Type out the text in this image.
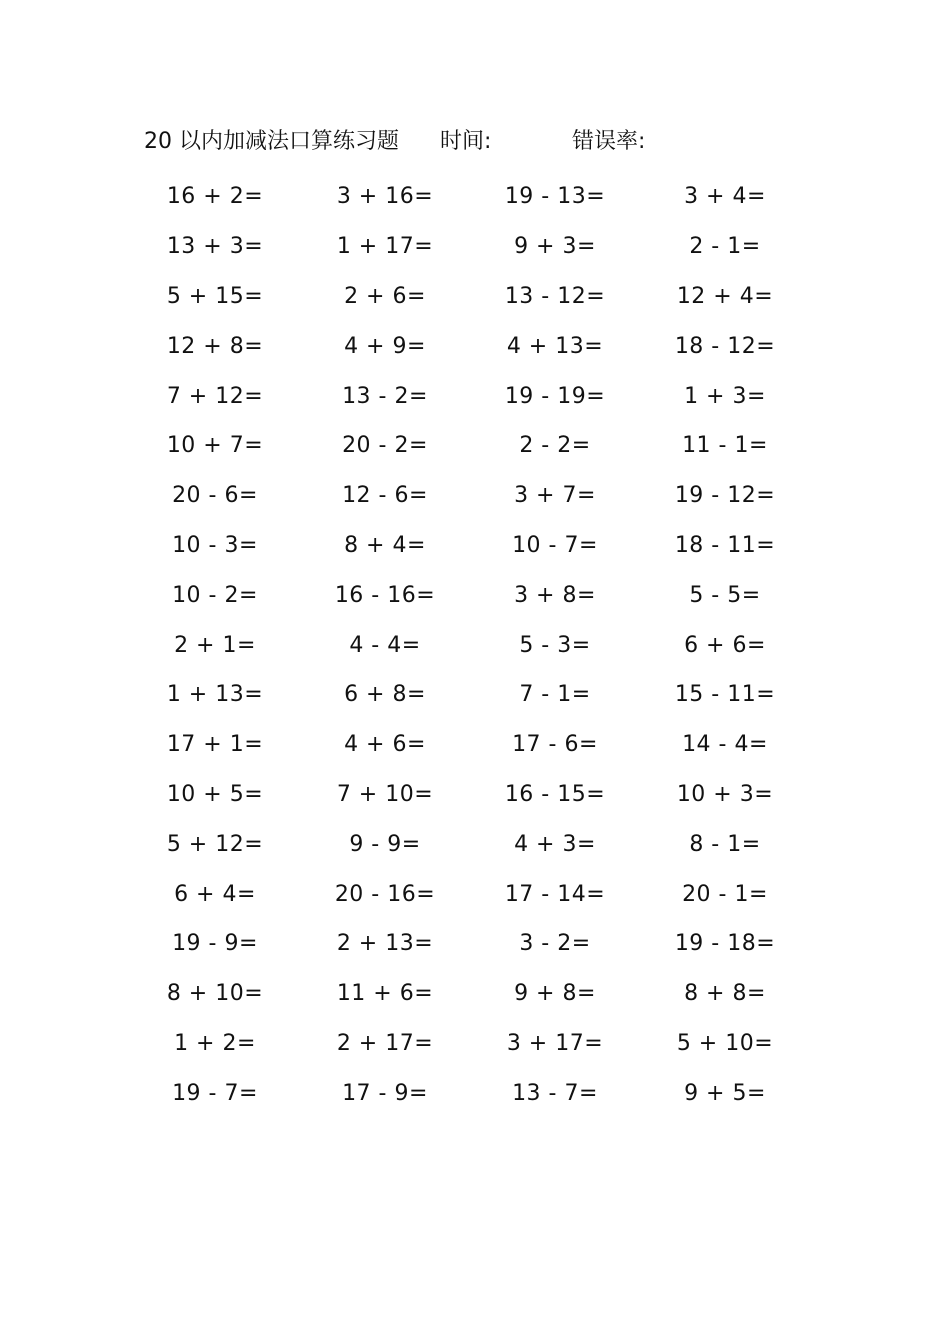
20 以内加减法口算练习题 时间:	错误率:
16 + 2=	3 + 16=	19 - 13=	3 + 4=
13 + 3=	1 + 17=	9 + 3=	2 - 1=
5 + 15=	2 + 6=	13 - 12=	12 + 4=
12 + 8=	4 + 9=	4 + 13=	18 - 12=
7 + 12=	13 - 2=	19 - 19=	1 + 3=
10 + 7=	20 - 2=	2 - 2=	11 - 1=
20 - 6=	12 - 6=	3 + 7=	19 - 12=
10 - 3=	8 + 4=	10 - 7=	18 - 11=
10 - 2=	16 - 16=	3 + 8=	5 - 5=
2 + 1=	4 - 4=	5 - 3=	6 + 6=
1 + 13=	6 + 8=	7 - 1=	15 - 11=
17 + 1=	4 + 6=	17 - 6=	14 - 4=
10 + 5=	7 + 10=	16 - 15=	10 + 3=
5 + 12=	9 - 9=	4 + 3=	8 - 1=
6 + 4=	20 - 16=	17 - 14=	20 - 1=
19 - 9=	2 + 13=	3 - 2=	19 - 18=
8 + 10=	11 + 6=	9 + 8=	8 + 8=
1 + 2=	2 + 17=	3 + 17=	5 + 10=
19 - 7=	17 - 9=	13 - 7=	9 + 5=
